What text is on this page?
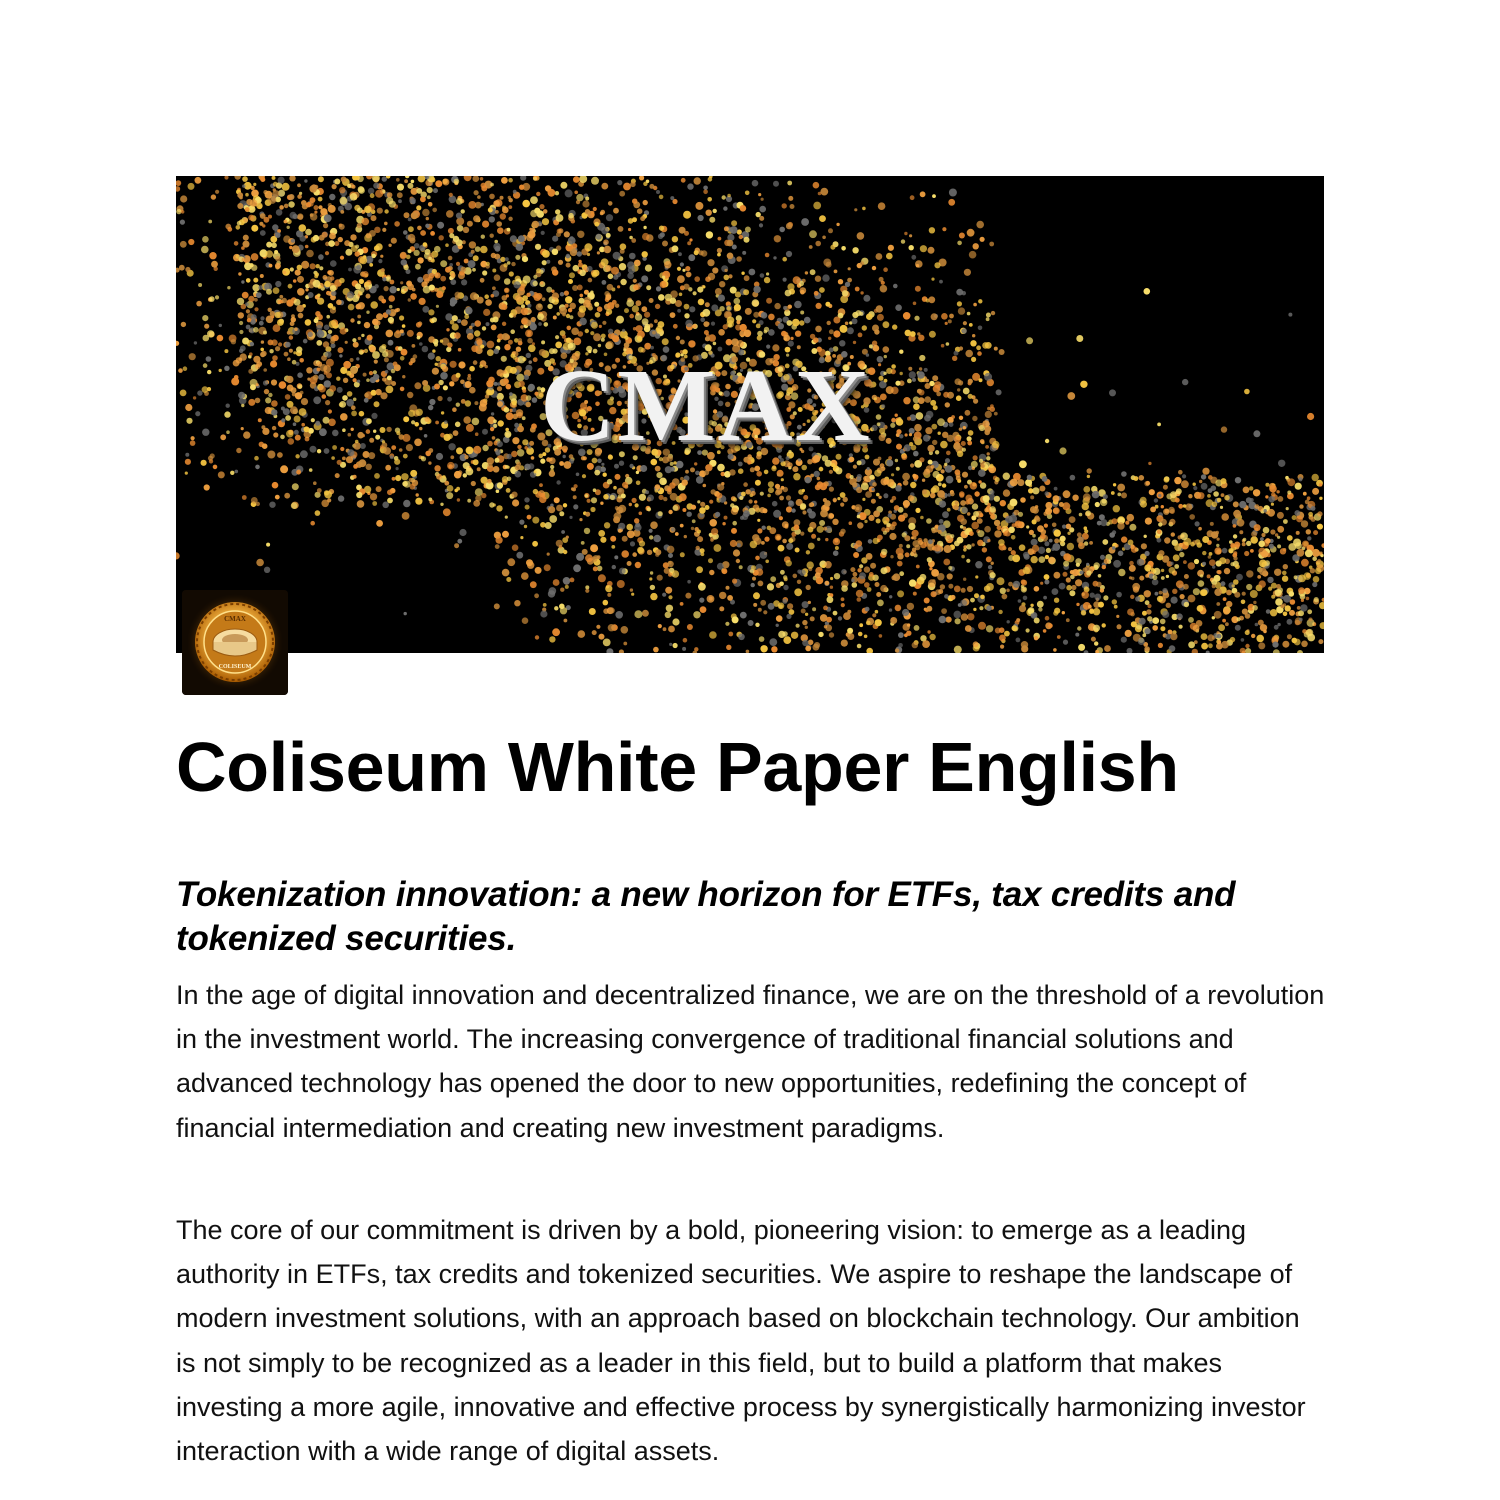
CMAX
CMAX
COLISEUM
Coliseum White Paper English
Tokenization innovation: a new horizon for ETFs, tax credits and tokenized securities.

In the age of digital innovation and decentralized finance, we are on the threshold of a revolution in the investment world. The increasing convergence of traditional financial solutions and advanced technology has opened the door to new opportunities, redefining the concept of financial intermediation and creating new investment paradigms.

The core of our commitment is driven by a bold, pioneering vision: to emerge as a leading authority in ETFs, tax credits and tokenized securities. We aspire to reshape the landscape of modern investment solutions, with an approach based on blockchain technology. Our ambition is not simply to be recognized as a leader in this field, but to build a platform that makes investing a more agile, innovative and effective process by synergistically harmonizing investor interaction with a wide range of digital assets.
